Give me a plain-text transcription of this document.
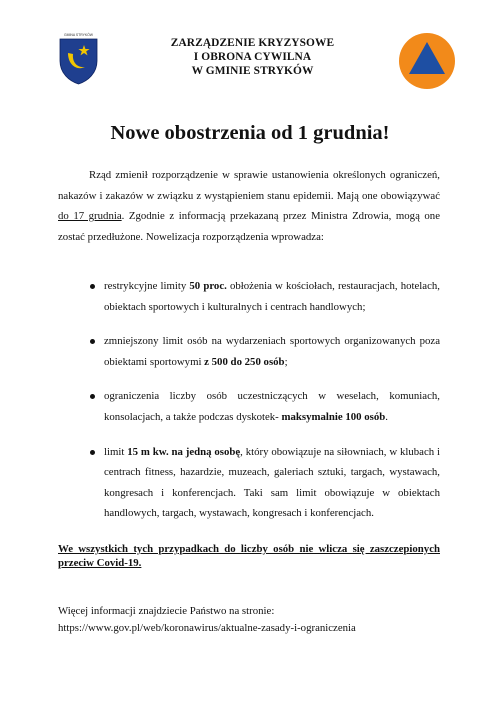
GMINA STRYKÓW
ZARZĄDZENIE KRYZYSOWE
I OBRONA CYWILNA
W GMINIE STRYKÓW
Nowe obostrzenia od 1 grudnia!

Rząd zmienił rozporządzenie w sprawie ustanowienia określonych ograniczeń, nakazów i zakazów w związku z wystąpieniem stanu epidemii. Mają one obowiązywać do 17 grudnia. Zgodnie z informacją przekazaną przez Ministra Zdrowia, mogą one zostać przedłużone. Nowelizacja rozporządzenia wprowadza:

restrykcyjne limity 50 proc. obłożenia w kościołach, restauracjach, hotelach, obiektach sportowych i kulturalnych i centrach handlowych;
zmniejszony limit osób na wydarzeniach sportowych organizowanych poza obiektami sportowymi z 500 do 250 osób;
ograniczenia liczby osób uczestniczących w weselach, komuniach, konsolacjach, a także podczas dyskotek- maksymalnie 100 osób.
limit 15 m kw. na jedną osobę, który obowiązuje na siłowniach, w klubach i centrach fitness, hazardzie, muzeach, galeriach sztuki, targach, wystawach, kongresach i konferencjach. Taki sam limit obowiązuje w obiektach handlowych, targach, wystawach, kongresach i konferencjach.
We wszystkich tych przypadkach do liczby osób nie wlicza się zaszczepionych przeciw Covid-19.
Więcej informacji znajdziecie Państwo na stronie:
https://www.gov.pl/web/koronawirus/aktualne-zasady-i-ograniczenia
